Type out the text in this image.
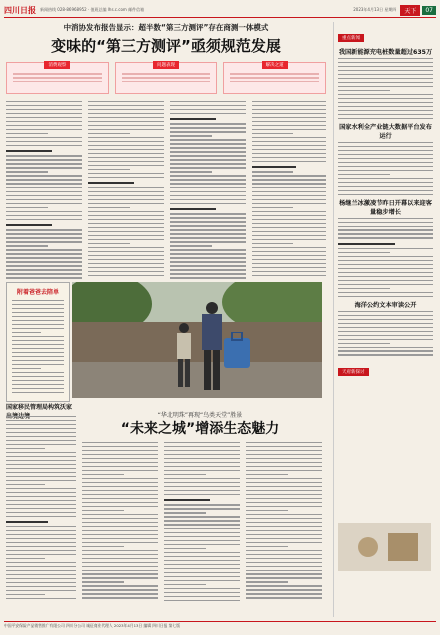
四川日报 新闻热线 028-86968952 · 值班总编 lhs.c.com 邮件信箱	2023年4月13日 星期四	天下	07
中消协发布报告显示：超半数“第三方测评”存在商测一体模式
变味的“第三方测评”亟须规范发展
消费观察	问题表现	解决之道
附着爸爸去陪单
国家移民管理局构筑沃家
“华北明珠”再现“鸟类天堂”胜景
“未来之城”增添生态魅力
重点新闻
我国新能源充电桩数量超过635万
国家水利全产业链大数据平台发布运行
杨继兰冰激凌节昨日开幕以来迎客量稳步增长
海洋公约文本审读公开
天府新探讨
中国平安保险产品销售推广有限公司 四川分公司 诚征商业代理人 2023年4月13日 编辑 四川日报 第七版
